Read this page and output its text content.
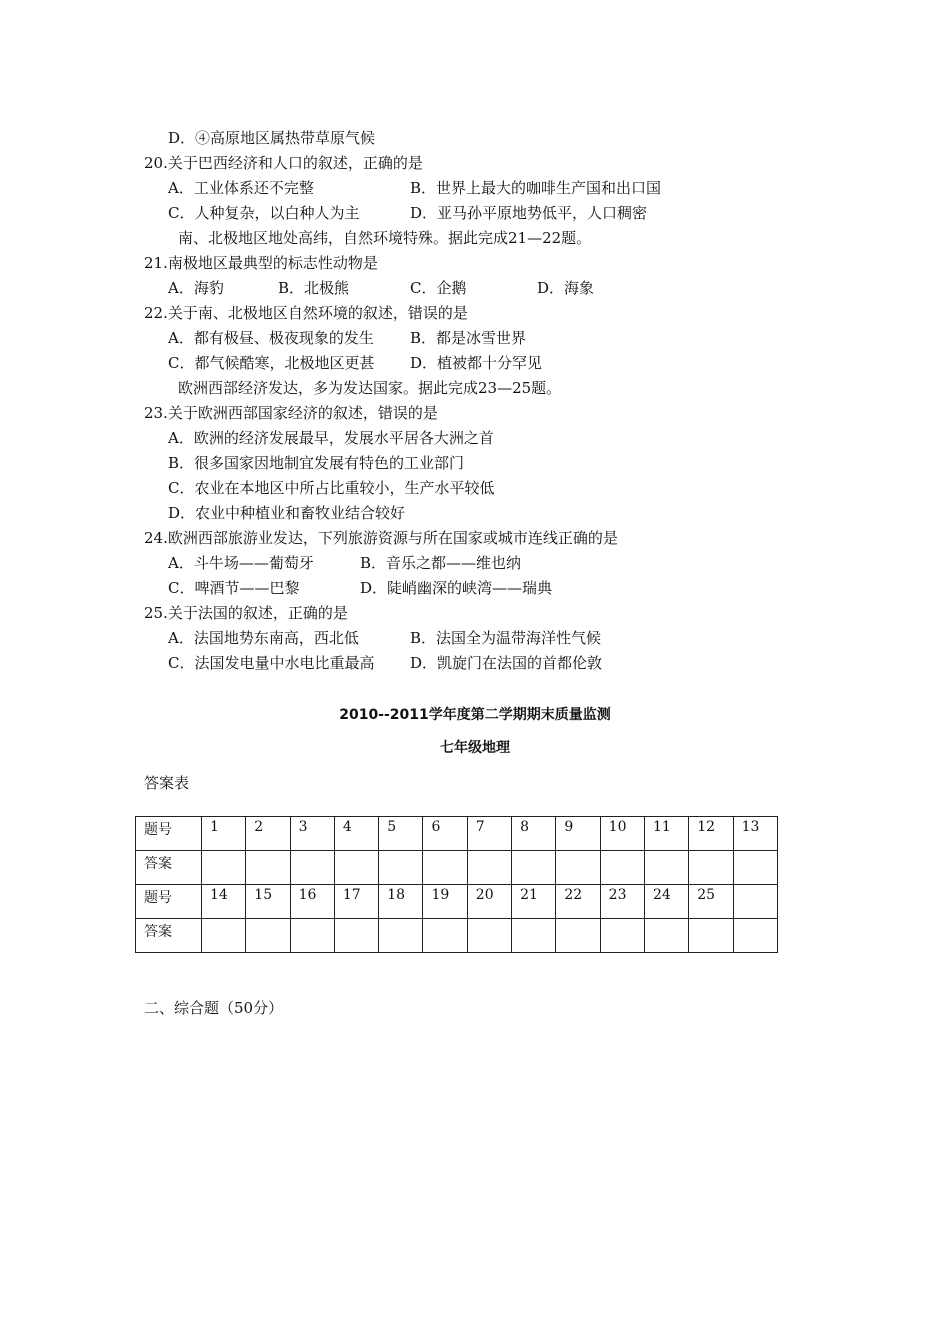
D．④高原地区属热带草原气候
20.关于巴西经济和人口的叙述，正确的是
A．工业体系还不完整	B．世界上最大的咖啡生产国和出口国
C．人种复杂，以白种人为主	D．亚马孙平原地势低平，人口稠密
南、北极地区地处高纬，自然环境特殊。据此完成21—22题。
21.南极地区最典型的标志性动物是
A．海豹	B．北极熊	C．企鹅	D．海象
22.关于南、北极地区自然环境的叙述，错误的是
A．都有极昼、极夜现象的发生 B．都是冰雪世界
C．都气候酷寒，北极地区更甚 D．植被都十分罕见
欧洲西部经济发达，多为发达国家。据此完成23—25题。
23.关于欧洲西部国家经济的叙述，错误的是
A．欧洲的经济发展最早，发展水平居各大洲之首
B．很多国家因地制宜发展有特色的工业部门
C．农业在本地区中所占比重较小，生产水平较低
D．农业中种植业和畜牧业结合较好
24.欧洲西部旅游业发达，下列旅游资源与所在国家或城市连线正确的是
A．斗牛场——葡萄牙	B．音乐之都——维也纳
C．啤酒节——巴黎	D．陡峭幽深的峡湾——瑞典
25.关于法国的叙述，正确的是
A．法国地势东南高，西北低	B．法国全为温带海洋性气候
C．法国发电量中水电比重最高 D．凯旋门在法国的首都伦敦
2010--2011学年度第二学期期末质量监测
七年级地理
答案表
题号	1	2	3	4	5	6	7	8	9	10	11	12	13
答案													
题号	14	15	16	17	18	19	20	21	22	23	24	25	
答案													
二、综合题（50分）
